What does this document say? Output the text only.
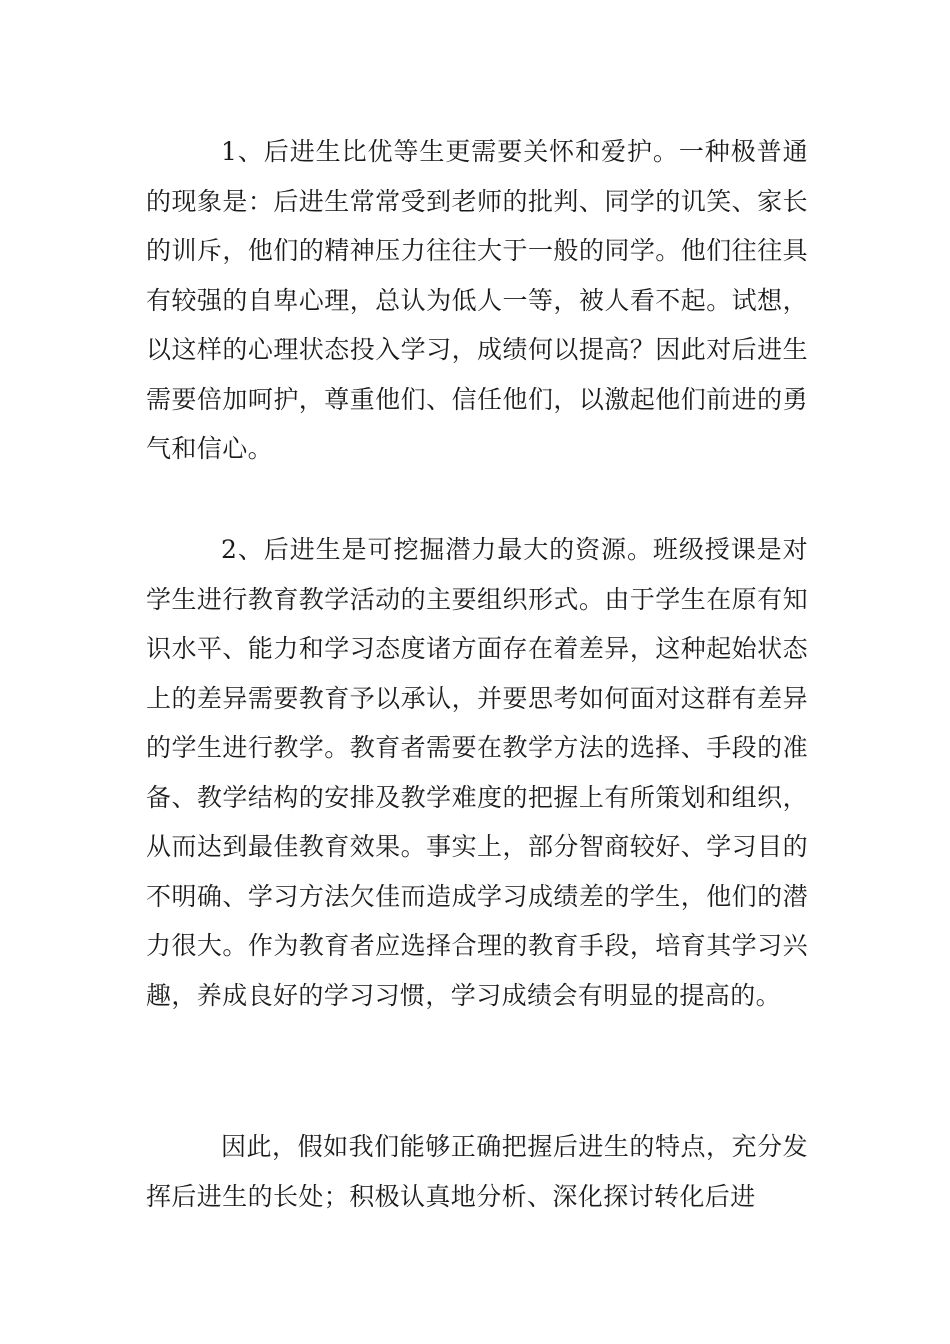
1、后进生比优等生更需要关怀和爱护。一种极普通的现象是：后进生常常受到老师的批判、同学的讥笑、家长的训斥，他们的精神压力往往大于一般的同学。他们往往具有较强的自卑心理，总认为低人一等，被人看不起。试想，以这样的心理状态投入学习，成绩何以提高？因此对后进生需要倍加呵护，尊重他们、信任他们，以激起他们前进的勇气和信心。

2、后进生是可挖掘潜力最大的资源。班级授课是对学生进行教育教学活动的主要组织形式。由于学生在原有知识水平、能力和学习态度诸方面存在着差异，这种起始状态上的差异需要教育予以承认，并要思考如何面对这群有差异的学生进行教学。教育者需要在教学方法的选择、手段的准备、教学结构的安排及教学难度的把握上有所策划和组织，从而达到最佳教育效果。事实上，部分智商较好、学习目的不明确、学习方法欠佳而造成学习成绩差的学生，他们的潜力很大。作为教育者应选择合理的教育手段，培育其学习兴趣，养成良好的学习习惯，学习成绩会有明显的提高的。

因此，假如我们能够正确把握后进生的特点，充分发挥后进生的长处；积极认真地分析、深化探讨转化后进
